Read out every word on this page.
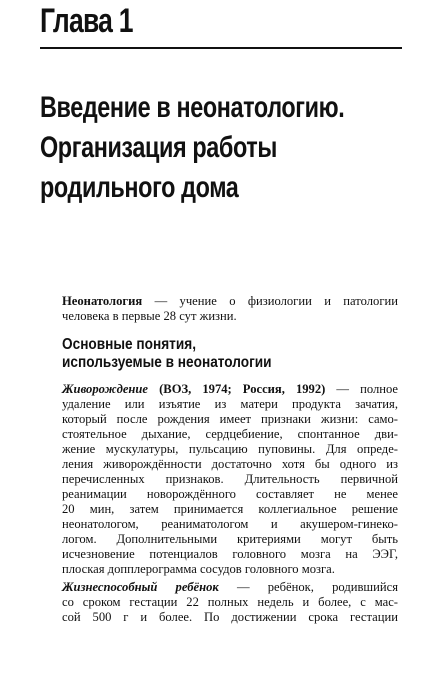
Глава 1
Введение в неонатологию.
Организация работы
родильного дома
Неонатология — учение о физиологии и патологии
человека в первые 28 сут жизни.
Основные понятия,
используемые в неонатологии
Живорождение (ВОЗ, 1974; Россия, 1992) — полное
удаление или изъятие из матери продукта зачатия,
который после рождения имеет признаки жизни: само-
стоятельное дыхание, сердцебиение, спонтанное дви-
жение мускулатуры, пульсацию пуповины. Для опреде-
ления живорождённости достаточно хотя бы одного из
перечисленных признаков. Длительность первичной
реанимации новорождённого составляет не менее
20 мин, затем принимается коллегиальное решение
неонатологом, реаниматологом и акушером-гинеко-
логом. Дополнительными критериями могут быть
исчезновение потенциалов головного мозга на ЭЭГ,
плоская допплерограмма сосудов головного мозга.
Жизнеспособный ребёнок — ребёнок, родившийся
со сроком гестации 22 полных недель и более, с мас-
сой 500 г и более. По достижении срока гестации
